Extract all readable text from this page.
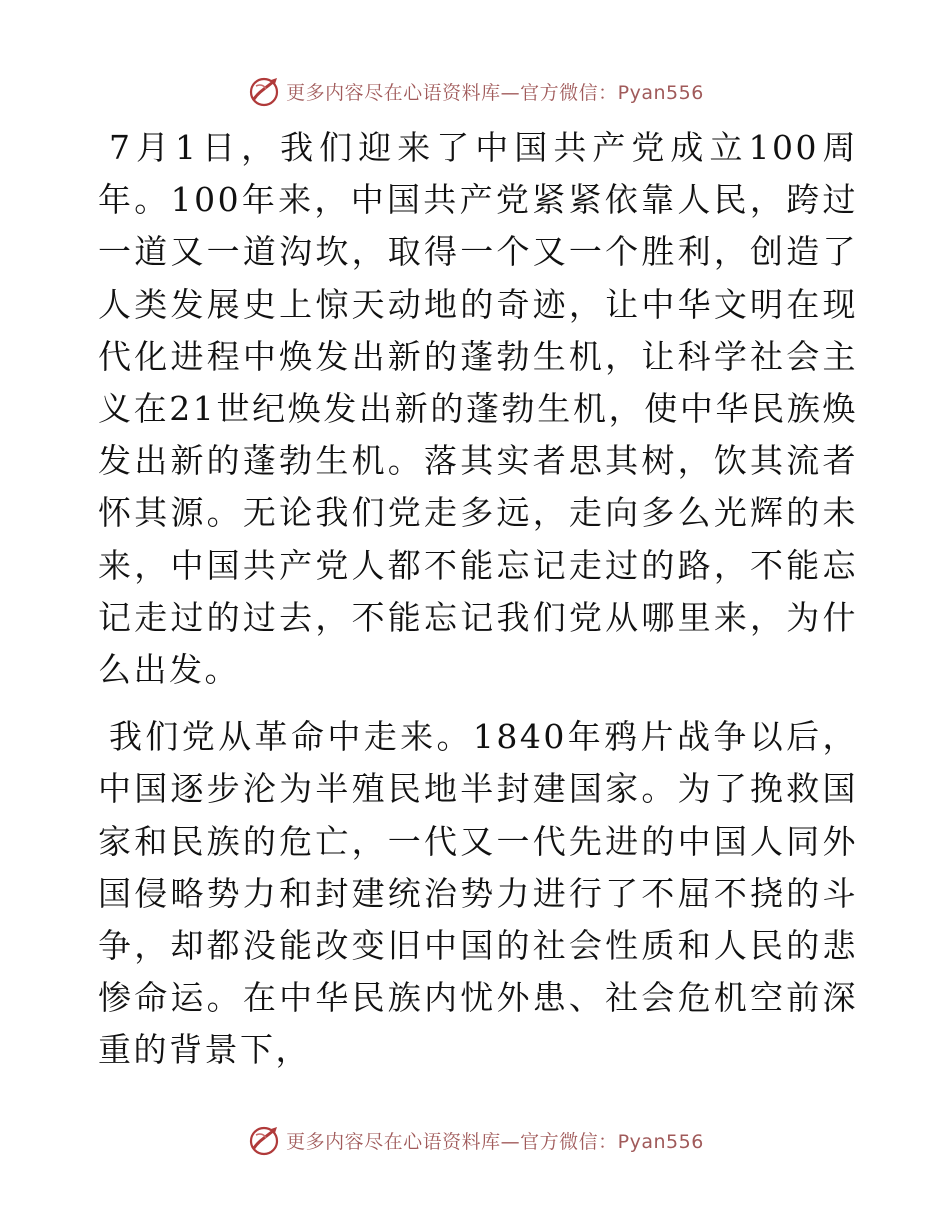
更多内容尽在心语资料库—官方微信：Pyan556

7月1日，我们迎来了中国共产党成立100周年。100年来，中国共产党紧紧依靠人民，跨过一道又一道沟坎，取得一个又一个胜利，创造了人类发展史上惊天动地的奇迹，让中华文明在现代化进程中焕发出新的蓬勃生机，让科学社会主义在21世纪焕发出新的蓬勃生机，使中华民族焕发出新的蓬勃生机。落其实者思其树，饮其流者怀其源。无论我们党走多远，走向多么光辉的未来，中国共产党人都不能忘记走过的路，不能忘记走过的过去，不能忘记我们党从哪里来，为什么出发。

我们党从革命中走来。1840年鸦片战争以后，中国逐步沦为半殖民地半封建国家。为了挽救国家和民族的危亡，一代又一代先进的中国人同外国侵略势力和封建统治势力进行了不屈不挠的斗争，却都没能改变旧中国的社会性质和人民的悲惨命运。在中华民族内忧外患、社会危机空前深重的背景下，

更多内容尽在心语资料库—官方微信：Pyan556
